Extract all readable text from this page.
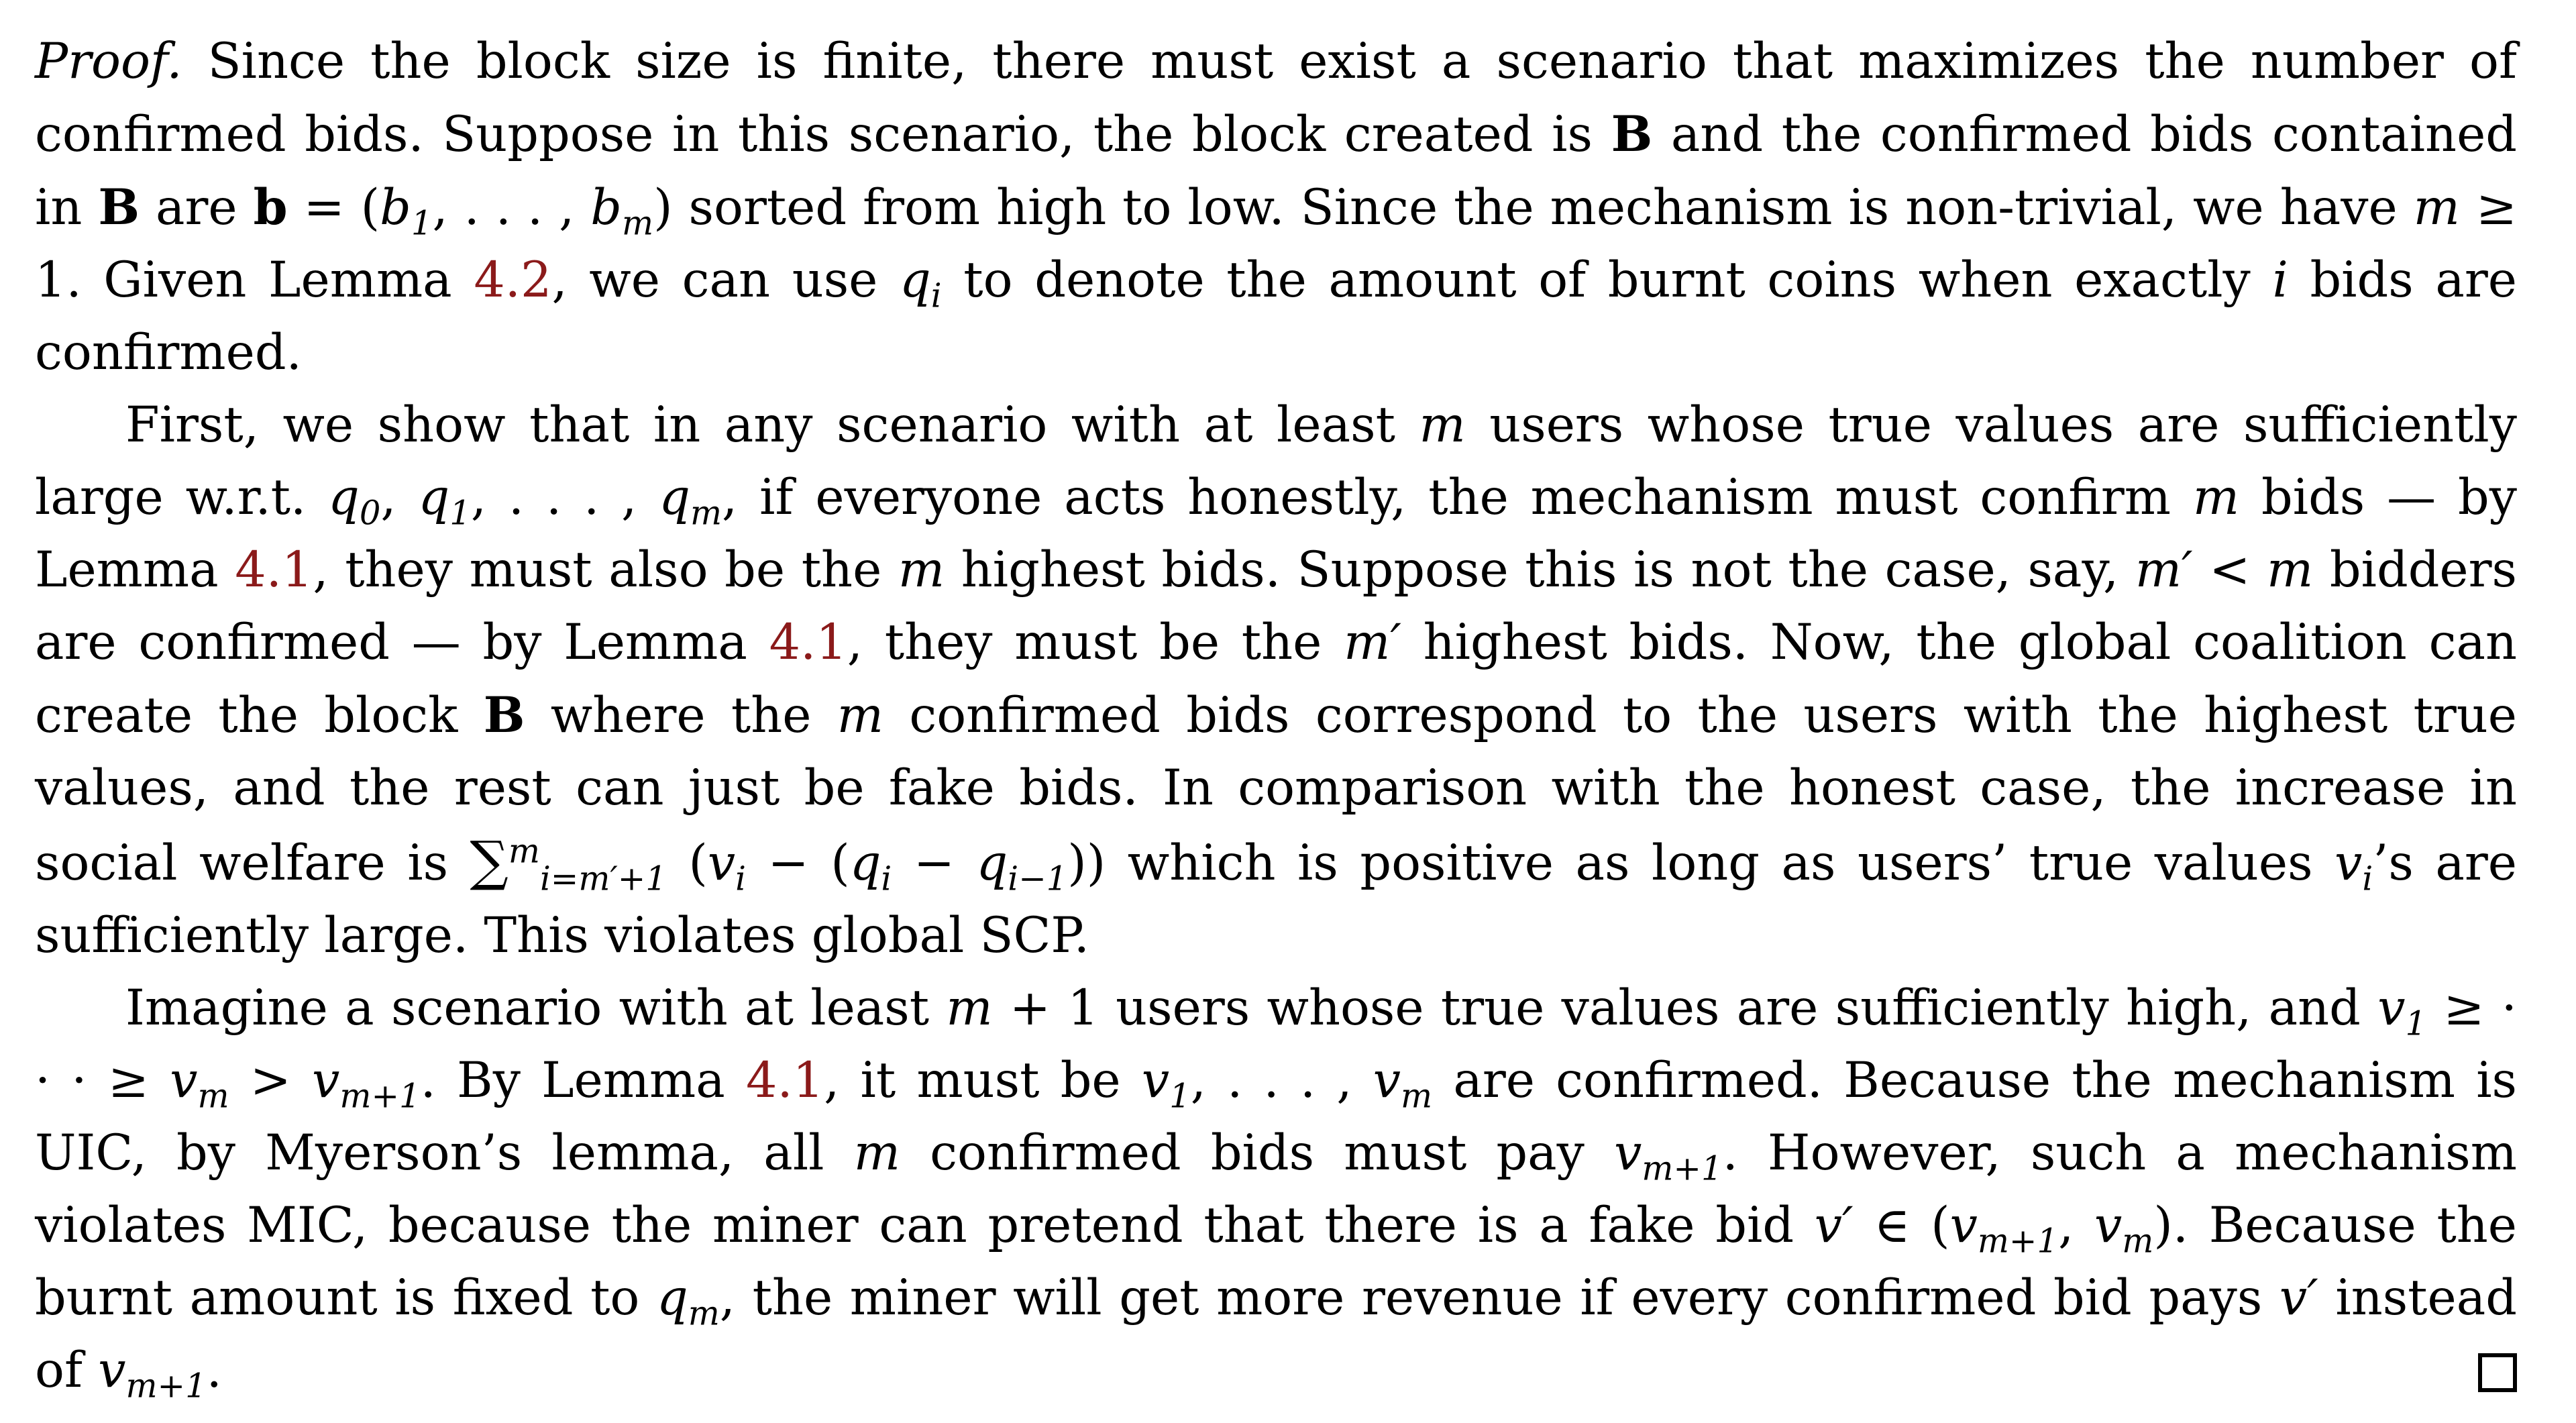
Proof. Since the block size is finite, there must exist a scenario that maximizes the number of confirmed bids. Suppose in this scenario, the block created is B and the confirmed bids contained in B are $b = (b_1$, . . . , $b_m$) sorted from high to low. Since the mechanism is non-trivial, we have m ≥ 1. Given Lemma 4.2, we can use $q_i$ to denote the amount of burnt coins when exactly i bids are confirmed.

First, we show that in any scenario with at least m users whose true values are sufficiently large w.r.t. $q_0$, $q_1$, . . . , $q_m$, if everyone acts honestly, the mechanism must confirm m bids — by Lemma 4.1, they must also be the m highest bids. Suppose this is not the case, say, m′ < m bidders are confirmed — by Lemma 4.1, they must be the m′ highest bids. Now, the global coalition can create the block B where the m confirmed bids correspond to the users with the highest true values, and the rest can just be fake bids. In comparison with the honest case, the increase in social welfare is ∑$^m_{i=m'+1}$ $(v_i - (q_i - q_{i-1}))$ which is positive as long as users’ true values $v_i’s$ are sufficiently large. This violates global SCP.

Imagine a scenario with at least m + 1 users whose true values are sufficiently high, and $v_1$ ≥ · · · ≥ $v_m > v_{m+1}$. By Lemma 4.1, it must be $v_1$, . . . , $v_m$ are confirmed. Because the mechanism is UIC, by Myerson’s lemma, all m confirmed bids must pay $v_{m+1}$. However, such a mechanism violates MIC, because the miner can pretend that there is a fake bid v′ ∈ ($v_{m+1}$, $v_m$). Because the burnt amount is fixed to $q_m$, the miner will get more revenue if every confirmed bid pays v′ instead of $v_{m+1}$.
